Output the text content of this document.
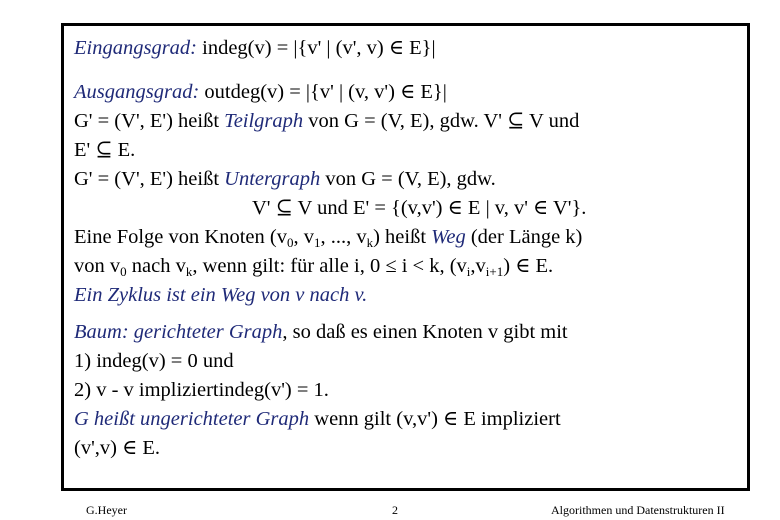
Eingangsgrad: indeg(v) = |{v' | (v', v) ∈ E}|
Ausgangsgrad: outdeg(v) = |{v' | (v, v') ∈ E}|
G' = (V', E') heißt Teilgraph von G = (V, E), gdw. V' ⊆ V und
E' ⊆ E.
G' = (V', E') heißt Untergraph von G = (V, E), gdw.
V' ⊆ V und E' = {(v,v') ∈ E | v, v' ∈ V'}.
Eine Folge von Knoten ($v_0$, $v_1$, ..., $v_k$) heißt Weg (der Länge k)
von $v_0$ nach $v_k$, wenn gilt: für alle i, 0 ≤ i < k, $(v_i,v_{i+1})$ ∈ E.
Ein Zyklus ist ein Weg von v nach v.
Baum: gerichteter Graph, so daß es einen Knoten v gibt mit
1) indeg(v) = 0 und
2) v - v impliziertindeg(v') = 1.
G heißt ungerichteter Graph wenn gilt (v,v') ∈ E impliziert
(v',v) ∈ E.
G.Heyer	2	Algorithmen und Datenstrukturen II
